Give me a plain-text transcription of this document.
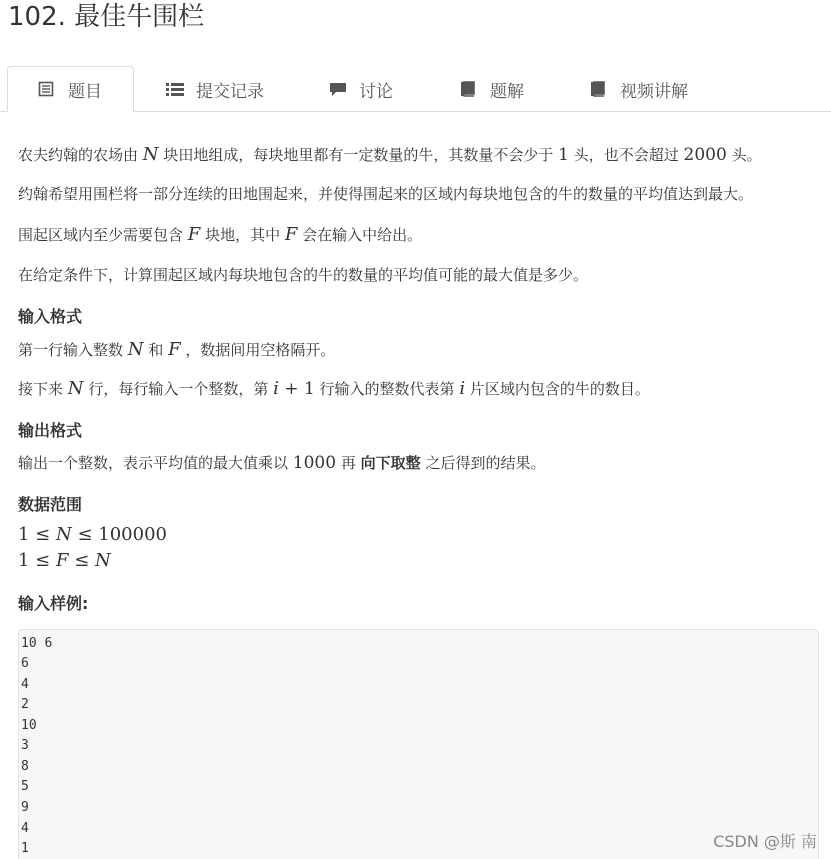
102. 最佳牛围栏
题目	提交记录	讨论	题解	视频讲解

农夫约翰的农场由 N 块田地组成，每块地里都有一定数量的牛，其数量不会少于 1 头，也不会超过 2000 头。

约翰希望用围栏将一部分连续的田地围起来，并使得围起来的区域内每块地包含的牛的数量的平均值达到最大。

围起区域内至少需要包含 F 块地，其中 F 会在输入中给出。

在给定条件下，计算围起区域内每块地包含的牛的数量的平均值可能的最大值是多少。

输入格式

第一行输入整数 N 和 F ，数据间用空格隔开。

接下来 N 行，每行输入一个整数，第 i + 1 行输入的整数代表第 i 片区域内包含的牛的数目。

输出格式

输出一个整数，表示平均值的最大值乘以 1000 再 向下取整 之后得到的结果。

数据范围
1 ≤ N ≤ 100000
1 ≤ F ≤ N
输入样例:
10 6
6
4
2
10
3
8
5
9
4
1	CSDN @斯 南
